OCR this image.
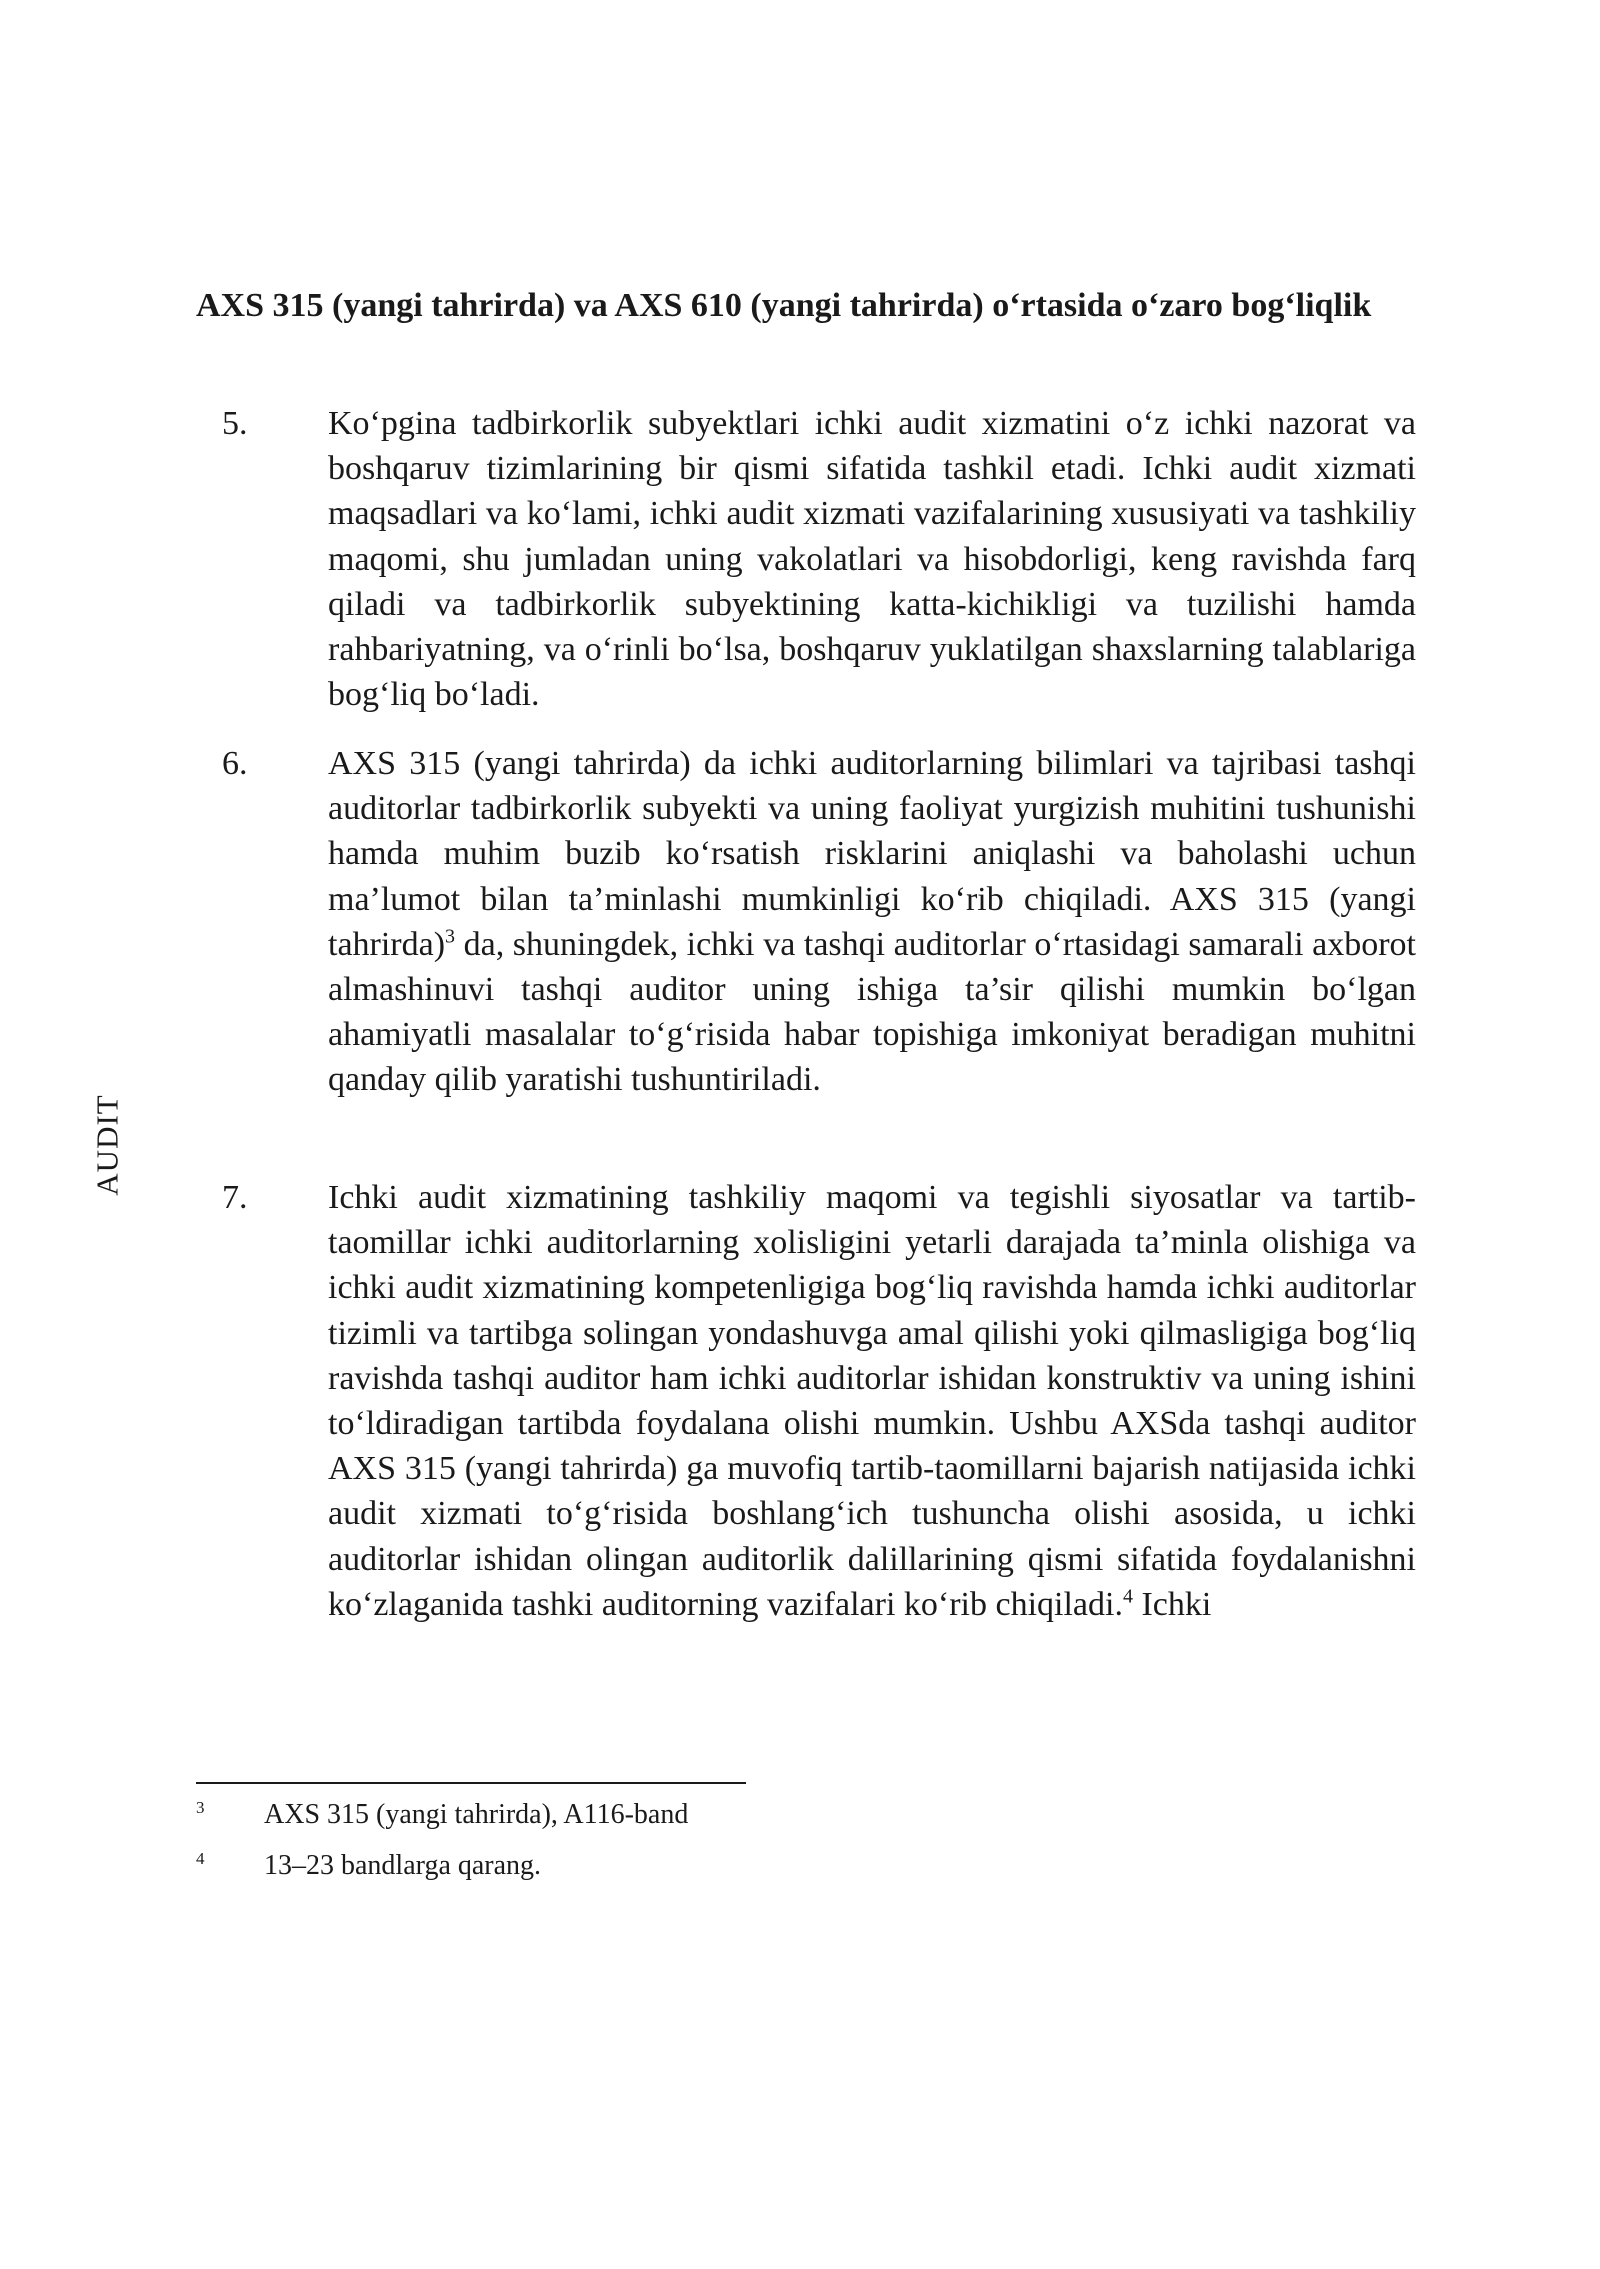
AUDIT
AXS 315 (yangi tahrirda) va AXS 610 (yangi tahrirda) o‘rtasida o‘zaro bog‘liqlik
5.	Ko‘pgina tadbirkorlik subyektlari ichki audit xizmatini o‘z ichki nazorat va boshqaruv tizimlarining bir qismi sifatida tashkil etadi. Ichki audit xizmati maqsadlari va ko‘lami, ichki audit xizmati vazifalarining xususiyati va tashkiliy maqomi, shu jumladan uning vakolatlari va hisobdorligi, keng ravishda farq qiladi va tadbirkorlik subyektining katta-kichikligi va tuzilishi hamda rahbariyatning, va o‘rinli bo‘lsa, boshqaruv yuklatilgan shaxslarning talablariga bog‘liq bo‘ladi.
6.	AXS 315 (yangi tahrirda) da ichki auditorlarning bilimlari va tajribasi tashqi auditorlar tadbirkorlik subyekti va uning faoliyat yurgizish muhitini tushunishi hamda muhim buzib ko‘rsatish risklarini aniqlashi va baholashi uchun ma’lumot bilan ta’minlashi mumkinligi ko‘rib chiqiladi. AXS 315 (yangi tahrirda)$^3$ da, shuningdek, ichki va tashqi auditorlar o‘rtasidagi samarali axborot almashinuvi tashqi auditor uning ishiga ta’sir qilishi mumkin bo‘lgan ahamiyatli masalalar to‘g‘risida habar topishiga imkoniyat beradigan muhitni qanday qilib yaratishi tushuntiriladi.
7.	Ichki audit xizmatining tashkiliy maqomi va tegishli siyosatlar va tartib-taomillar ichki auditorlarning xolisligini yetarli darajada ta’minla olishiga va ichki audit xizmatining kompetenligiga bog‘liq ravishda hamda ichki auditorlar tizimli va tartibga solingan yondashuvga amal qilishi yoki qilmasligiga bog‘liq ravishda tashqi auditor ham ichki auditorlar ishidan konstruktiv va uning ishini to‘ldiradigan tartibda foydalana olishi mumkin. Ushbu AXSda tashqi auditor AXS 315 (yangi tahrirda) ga muvofiq tartib-taomillarni bajarish natijasida ichki audit xizmati to‘g‘risida boshlang‘ich tushuncha olishi asosida, u ichki auditorlar ishidan olingan auditorlik dalillarining qismi sifatida foydalanishni ko‘zlaganida tashki auditorning vazifalari ko‘rib chiqiladi.$^4$ Ichki
3	AXS 315 (yangi tahrirda), A116-band
4	13–23 bandlarga qarang.
